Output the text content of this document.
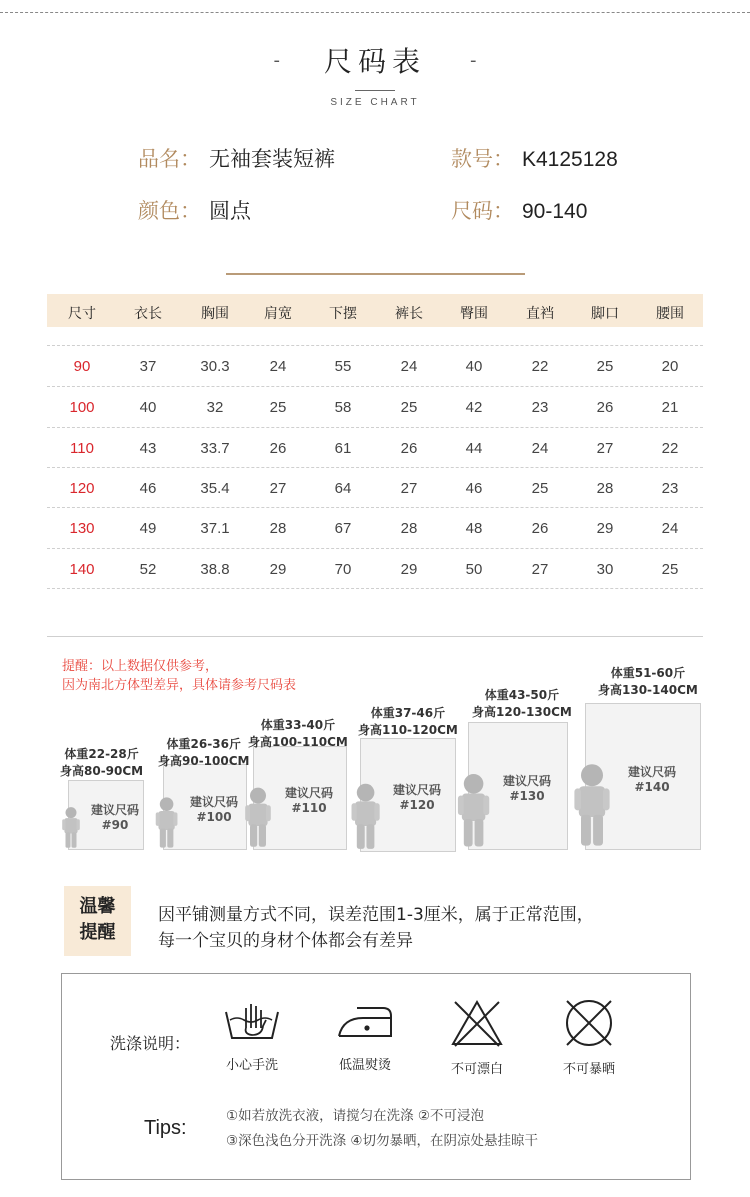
- 尺码表 -
SIZE CHART
品名： 无袖套装短裤	款号： K4125128
颜色： 圆点	尺码： 90-140
尺寸	衣长	胸围	肩宽	下摆	裤长	臀围	直裆	脚口	腰围
90	37	30.3	24	55	24	40	22	25	20
100	40	32	25	58	25	42	23	26	21
110	43	33.7	26	61	26	44	24	27	22
120	46	35.4	27	64	27	46	25	28	23
130	49	37.1	28	67	28	48	26	29	24
140	52	38.8	29	70	29	50	27	30	25
提醒：以上数据仅供参考，
因为南北方体型差异，具体请参考尺码表
建议尺码
#90
体重22-28斤
身高80-90CM
建议尺码
#100
体重26-36斤
身高90-100CM
建议尺码
#110
体重33-40斤
身高100-110CM
建议尺码
#120
体重37-46斤
身高110-120CM
建议尺码
#130
体重43-50斤
身高120-130CM
建议尺码
#140
体重51-60斤
身高130-140CM
温馨
提醒
因平铺测量方式不同，误差范围1-3厘米，属于正常范围，
每一个宝贝的身材个体都会有差异
洗涤说明：
小心手洗	低温熨烫	不可漂白	不可暴晒
Tips:
①如若放洗衣液，请搅匀在洗涤 ②不可浸泡
③深色浅色分开洗涤 ④切勿暴晒，在阴凉处悬挂晾干
